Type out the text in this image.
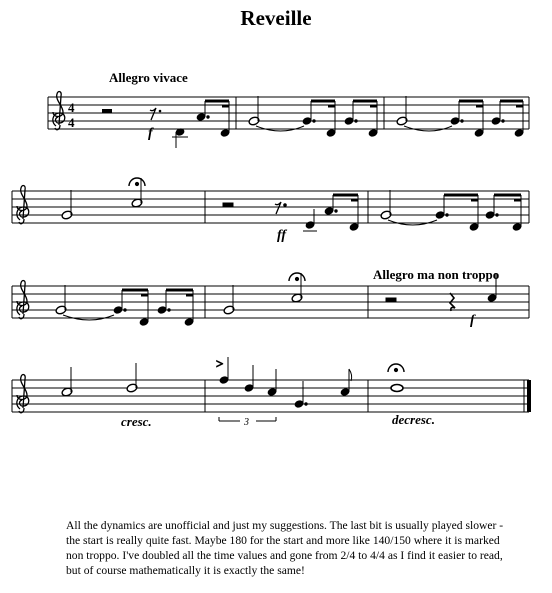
Reveille
Allegro vivace
Allegro ma non troppo
f
ff
f
cresc.	decresc.
4
4
>
3
All the dynamics are unofficial and just my suggestions. The last bit is usually played slower - the start is really quite fast. Maybe 180 for the start and more like 140/150 where it is marked non troppo. I've doubled all the time values and gone from 2/4 to 4/4 as I find it easier to read, but of course mathematically it is exactly the same!
